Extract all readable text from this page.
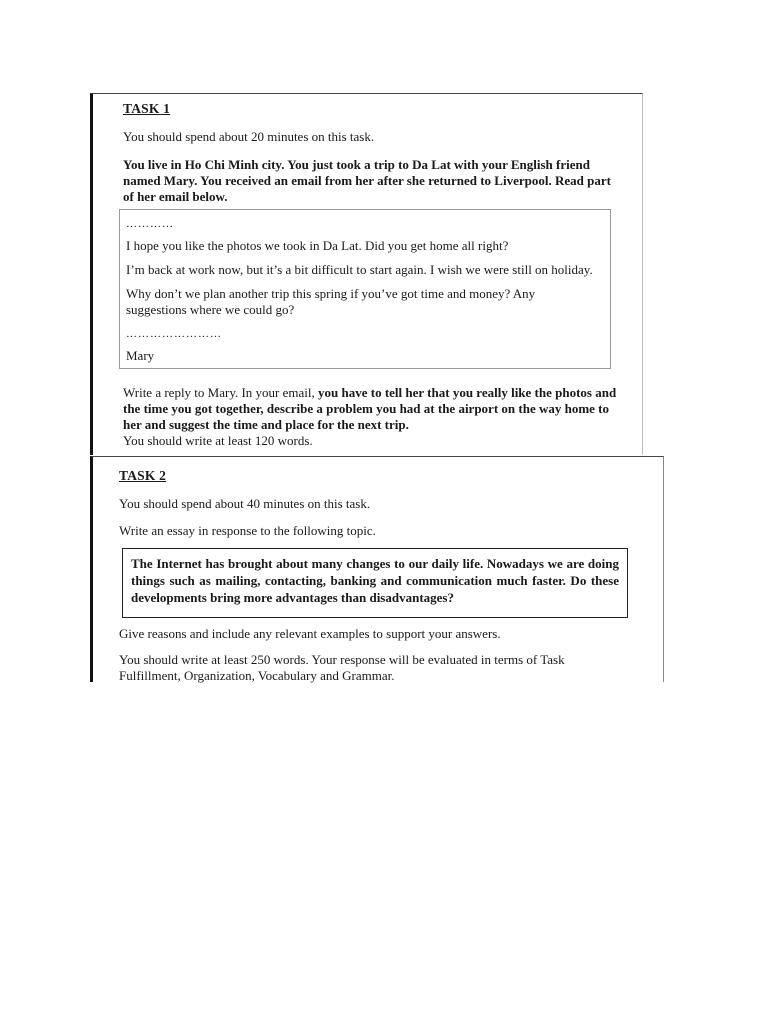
TASK 1

You should spend about 20 minutes on this task.

You live in Ho Chi Minh city. You just took a trip to Da Lat with your English friend named Mary. You received an email from her after she returned to Liverpool. Read part of her email below.

…………
I hope you like the photos we took in Da Lat. Did you get home all right?
I’m back at work now, but it’s a bit difficult to start again. I wish we were still on holiday.
Why don’t we plan another trip this spring if you’ve got time and money? Any suggestions where we could go?
……………………
Mary

Write a reply to Mary. In your email, you have to tell her that you really like the photos and the time you got together, describe a problem you had at the airport on the way home to her and suggest the time and place for the next trip.

You should write at least 120 words.

TASK 2

You should spend about 40 minutes on this task.

Write an essay in response to the following topic.

The Internet has brought about many changes to our daily life. Nowadays we are doing things such as mailing, contacting, banking and communication much faster. Do these developments bring more advantages than disadvantages?

Give reasons and include any relevant examples to support your answers.

You should write at least 250 words. Your response will be evaluated in terms of Task Fulfillment, Organization, Vocabulary and Grammar.
